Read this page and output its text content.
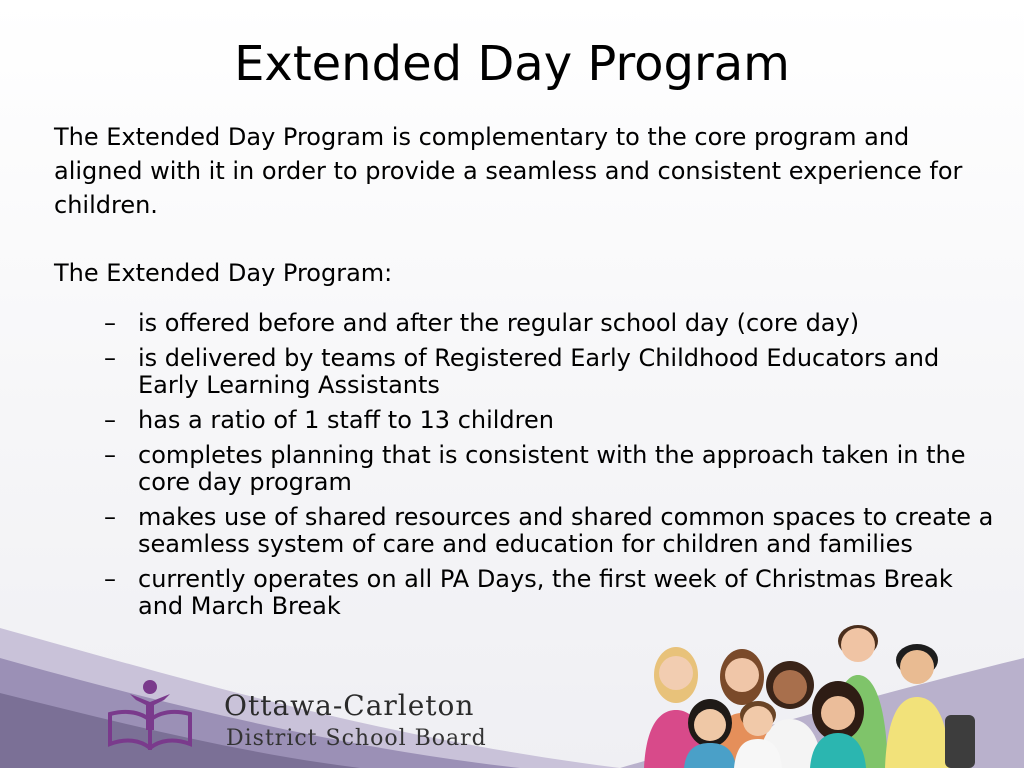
Extended Day Program

The Extended Day Program is complementary to the core program and aligned with it in order to provide a seamless and consistent experience for children.

The Extended Day Program:

– is offered before and after the regular school day (core day)
– is delivered by teams of Registered Early Childhood Educators and Early Learning Assistants
– has a ratio of 1 staff to 13 children
– completes planning that is consistent with the approach taken in the core day program
– makes use of shared resources and shared common spaces to create a seamless system of care and education for children and families
– currently operates on all PA Days, the first week of Christmas Break and March Break
Ottawa-Carleton
District School Board
